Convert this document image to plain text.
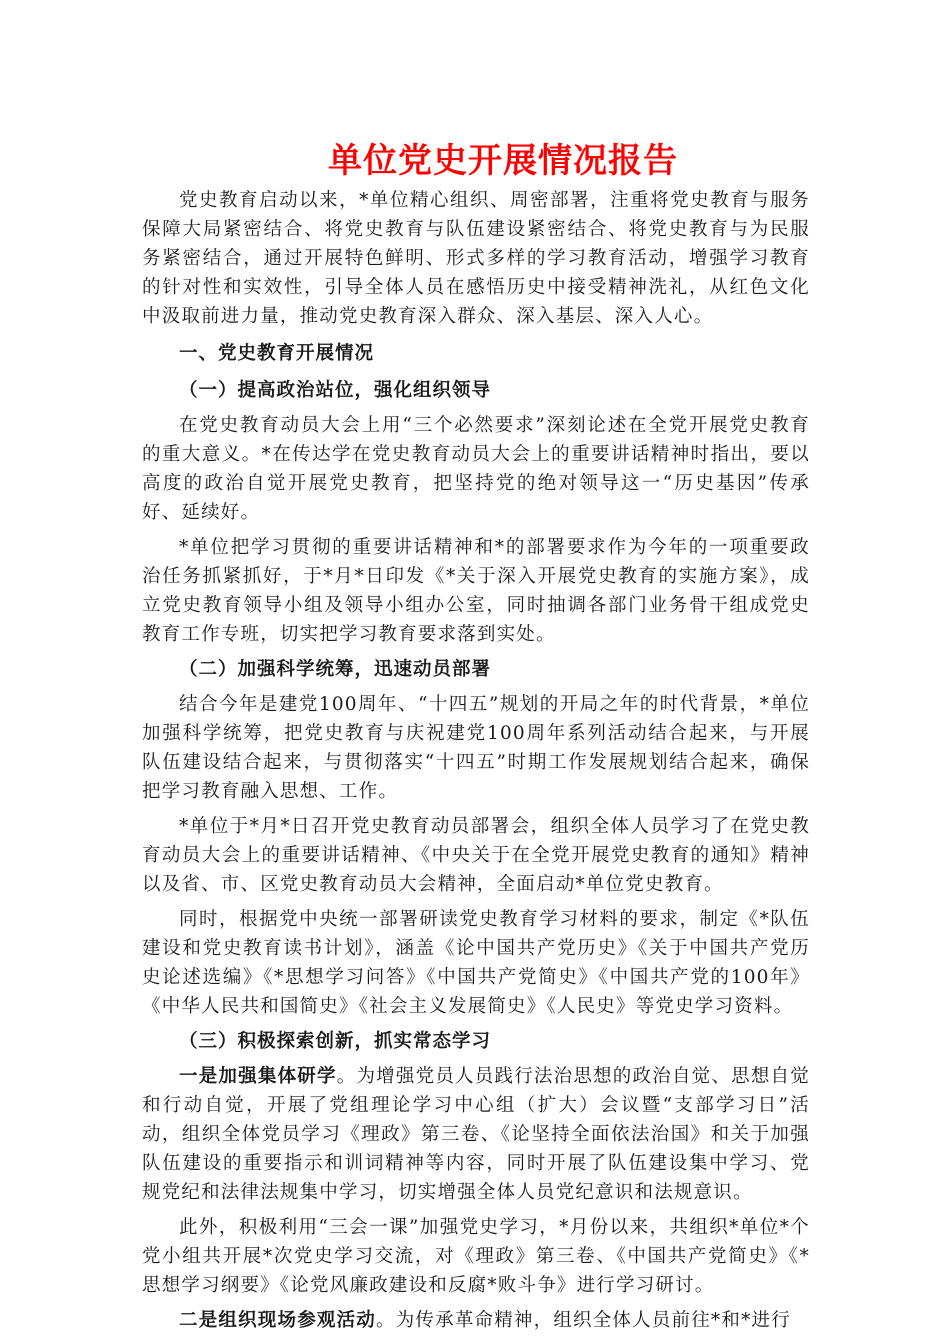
单位党史开展情况报告

党史教育启动以来，*单位精心组织、周密部署，注重将党史教育与服务保障大局紧密结合、将党史教育与队伍建设紧密结合、将党史教育与为民服务紧密结合，通过开展特色鲜明、形式多样的学习教育活动，增强学习教育的针对性和实效性，引导全体人员在感悟历史中接受精神洗礼，从红色文化中汲取前进力量，推动党史教育深入群众、深入基层、深入人心。

一、党史教育开展情况

（一）提高政治站位，强化组织领导

在党史教育动员大会上用“三个必然要求”深刻论述在全党开展党史教育的重大意义。*在传达学在党史教育动员大会上的重要讲话精神时指出，要以高度的政治自觉开展党史教育，把坚持党的绝对领导这一“历史基因”传承好、延续好。

*单位把学习贯彻的重要讲话精神和*的部署要求作为今年的一项重要政治任务抓紧抓好，于*月*日印发《*关于深入开展党史教育的实施方案》，成立党史教育领导小组及领导小组办公室，同时抽调各部门业务骨干组成党史教育工作专班，切实把学习教育要求落到实处。

（二）加强科学统筹，迅速动员部署

结合今年是建党100周年、“十四五”规划的开局之年的时代背景，*单位加强科学统筹，把党史教育与庆祝建党100周年系列活动结合起来，与开展队伍建设结合起来，与贯彻落实“十四五”时期工作发展规划结合起来，确保把学习教育融入思想、工作。

*单位于*月*日召开党史教育动员部署会，组织全体人员学习了在党史教育动员大会上的重要讲话精神、《中央关于在全党开展党史教育的通知》精神以及省、市、区党史教育动员大会精神，全面启动*单位党史教育。

同时，根据党中央统一部署研读党史教育学习材料的要求，制定《*队伍建设和党史教育读书计划》，涵盖《论中国共产党历史》《关于中国共产党历史论述选编》《*思想学习问答》《中国共产党简史》《中国共产党的100年》《中华人民共和国简史》《社会主义发展简史》《人民史》等党史学习资料。

（三）积极探索创新，抓实常态学习

一是加强集体研学。为增强党员人员践行法治思想的政治自觉、思想自觉和行动自觉，开展了党组理论学习中心组（扩大）会议暨“支部学习日”活动，组织全体党员学习《理政》第三卷、《论坚持全面依法治国》和关于加强队伍建设的重要指示和训词精神等内容，同时开展了队伍建设集中学习、党规党纪和法律法规集中学习，切实增强全体人员党纪意识和法规意识。

此外，积极利用“三会一课”加强党史学习，*月份以来，共组织*单位*个党小组共开展*次党史学习交流，对《理政》第三卷、《中国共产党简史》《*思想学习纲要》《论党风廉政建设和反腐*败斗争》进行学习研讨。

二是组织现场参观活动。为传承革命精神，组织全体人员前往*和*进行
